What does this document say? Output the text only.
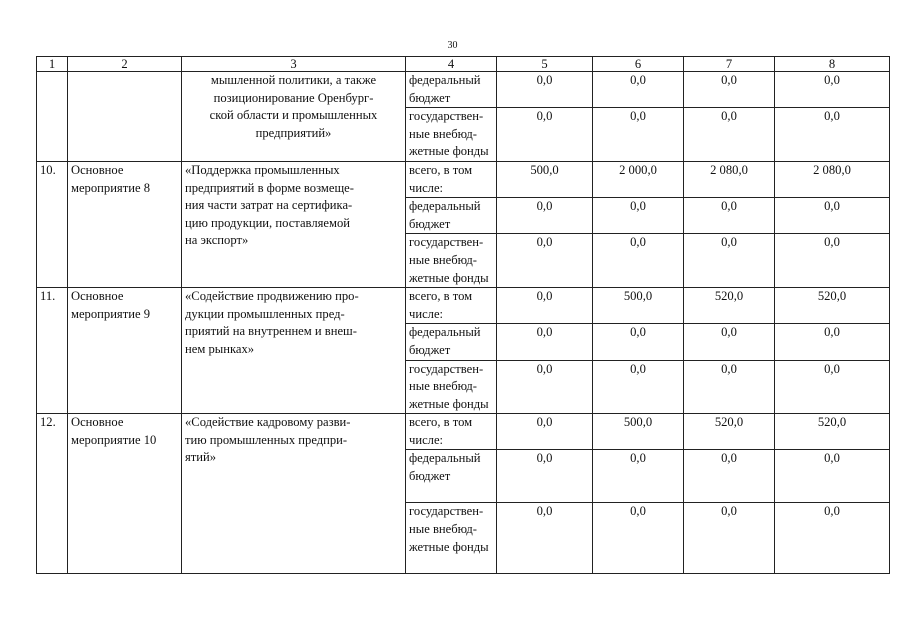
30
1	2	3	4	5	6	7	8

		мышленной политики, а также
позиционирование Оренбург-
ской области и промышленных
предприятий»	федеральный
бюджет	0,0	0,0	0,0	0,0

			государствен-
ные внебюд-
жетные фонды	0,0	0,0	0,0	0,0
10.	Основное
мероприятие 8	«Поддержка промышленных
предприятий в форме возмеще-
ния части затрат на сертифика-
цию продукции, поставляемой
на экспорт»	всего, в том
числе:	500,0	2 000,0	2 080,0	2 080,0

			федеральный
бюджет	0,0	0,0	0,0	0,0

			государствен-
ные внебюд-
жетные фонды	0,0	0,0	0,0	0,0
11.	Основное
мероприятие 9	«Содействие продвижению про-
дукции промышленных пред-
приятий на внутреннем и внеш-
нем рынках»	всего, в том
числе:	0,0	500,0	520,0	520,0

			федеральный
бюджет	0,0	0,0	0,0	0,0

			государствен-
ные внебюд-
жетные фонды	0,0	0,0	0,0	0,0
12.	Основное
мероприятие 10	«Содействие кадровому разви-
тию промышленных предпри-
ятий»	всего, в том
числе:	0,0	500,0	520,0	520,0

			федеральный
бюджет	0,0	0,0	0,0	0,0

			государствен-
ные внебюд-
жетные фонды	0,0	0,0	0,0	0,0
